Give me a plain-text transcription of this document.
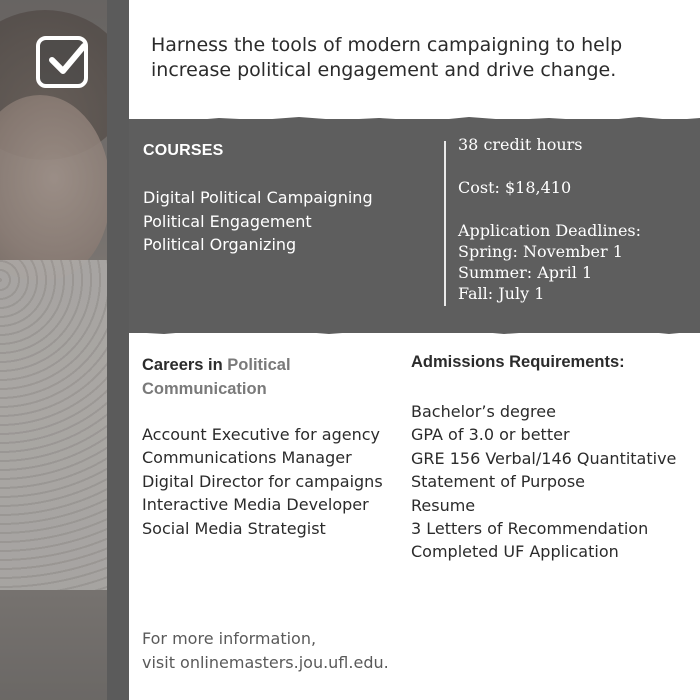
Harness the tools of modern campaigning to help increase political engagement and drive change.

COURSES
Digital Political Campaigning
Political Engagement
Political Organizing

38 credit hours

Cost: $18,410

Application Deadlines:

Spring: November 1

Summer: April 1

Fall: July 1

Careers in Political Communication
Account Executive for agency
Communications Manager
Digital Director for campaigns
Interactive Media Developer
Social Media Strategist
Admissions Requirements:
Bachelor’s degree
GPA of 3.0 or better
GRE 156 Verbal/146 Quantitative
Statement of Purpose
Resume
3 Letters of Recommendation
Completed UF Application

For more information,

visit onlinemasters.jou.ufl.edu.
